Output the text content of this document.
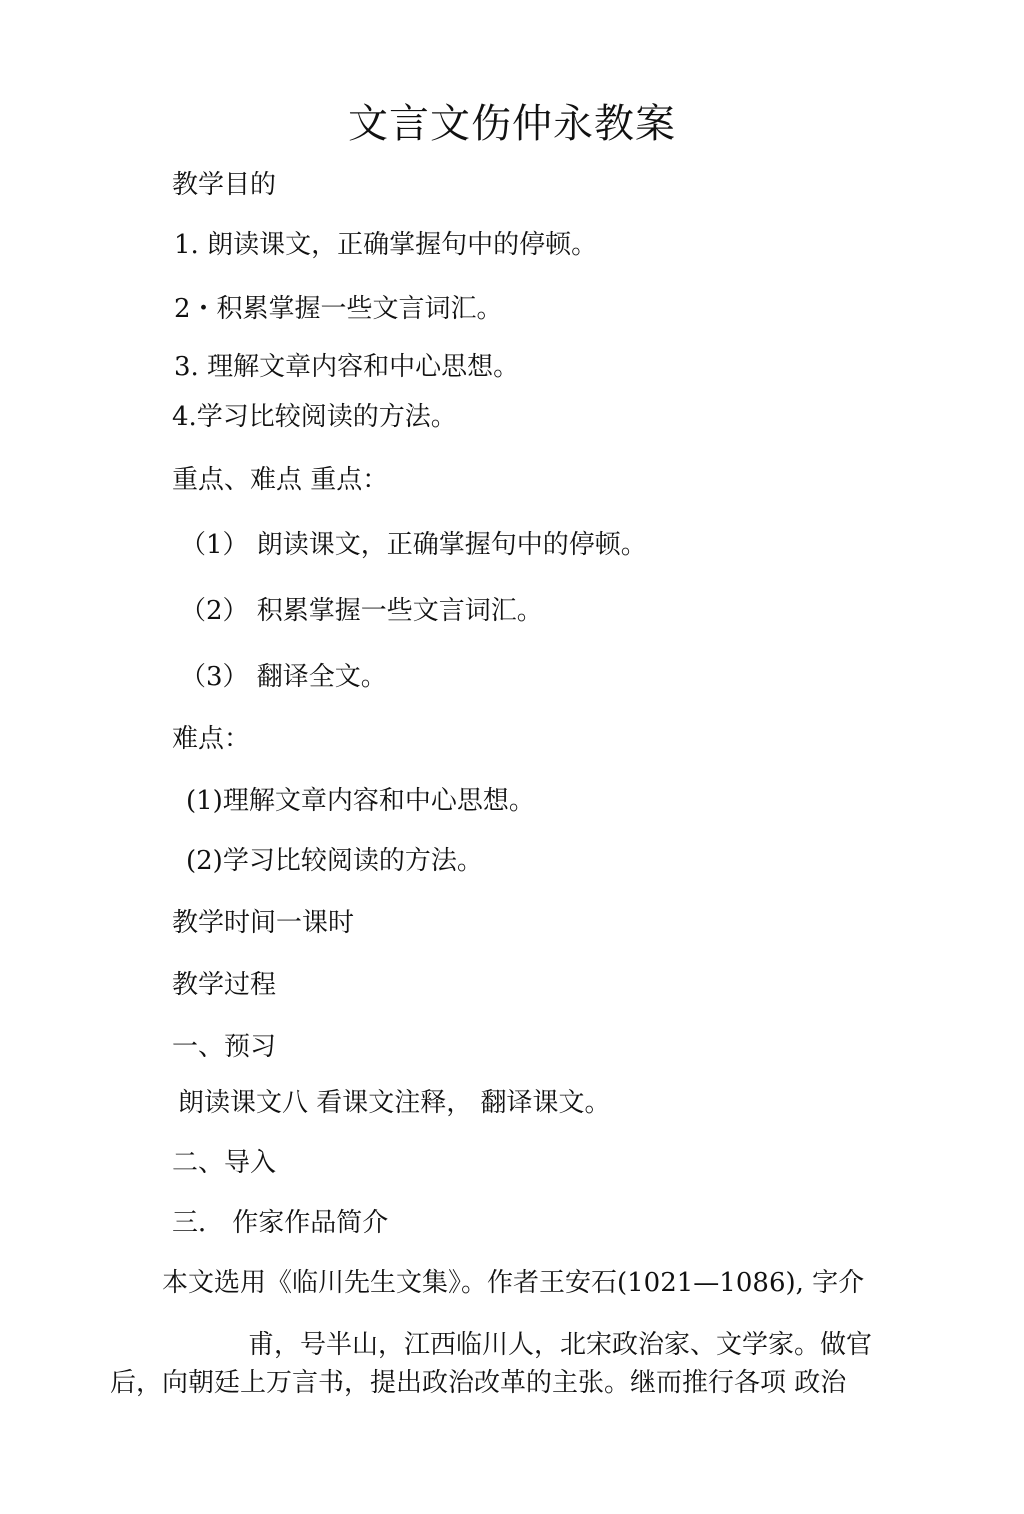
文言文伤仲永教案

教学目的

1. 朗读课文，正确掌握句中的停顿。

2・积累掌握一些文言词汇。

3. 理解文章内容和中心思想。

4.学习比较阅读的方法。

重点、难点 重点：

（1） 朗读课文，正确掌握句中的停顿。

（2） 积累掌握一些文言词汇。

（3） 翻译全文。

难点：

(1)理解文章内容和中心思想。

(2)学习比较阅读的方法。

教学时间一课时

教学过程

一、预习

朗读课文八 看课文注释， 翻译课文。

二、导入

三． 作家作品简介

本文选用《临川先生文集》。作者王安石(1021—1086), 字介

甫，号半山，江西临川人，北宋政治家、文学家。做官

后，向朝廷上万言书，提出政治改革的主张。继而推行各项 政治
